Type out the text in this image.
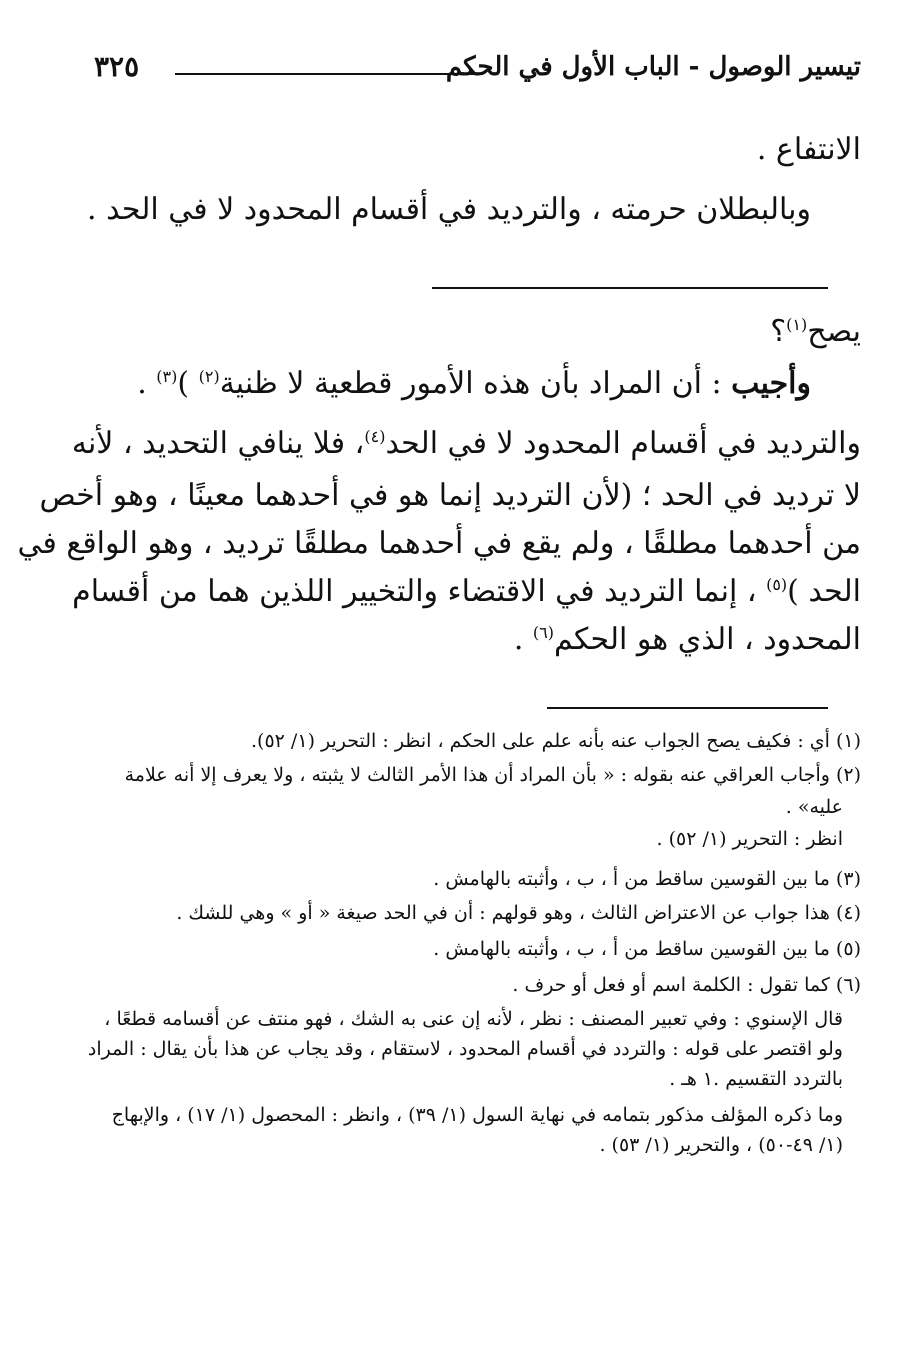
تيسير الوصول - الباب الأول في الحكم
٣٢٥
الانتفاع .
وبالبطلان حرمته ، والترديد في أقسام المحدود لا في الحد .
يصح$^{(١)}$؟
وأجيب : أن المراد بأن هذه الأمور قطعية لا ظنية$^{(٢)}$ )$^{(٣)}$ .
والترديد في أقسام المحدود لا في الحد$^{(٤)}$، فلا ينافي التحديد ، لأنه
لا ترديد في الحد ؛ (لأن الترديد إنما هو في أحدهما معينًا ، وهو أخص
من أحدهما مطلقًا ، ولم يقع في أحدهما مطلقًا ترديد ، وهو الواقع في
الحد )$^{(٥)}$ ، إنما الترديد في الاقتضاء والتخيير اللذين هما من أقسام
المحدود ، الذي هو الحكم$^{(٦)}$ .
(١) أي : فكيف يصح الجواب عنه بأنه علم على الحكم ، انظر : التحرير (١/ ٥٢).
(٢) وأجاب العراقي عنه بقوله : « بأن المراد أن هذا الأمر الثالث لا يثبته ، ولا يعرف إلا أنه علامة
عليه» .
انظر : التحرير (١/ ٥٢) .
(٣) ما بين القوسين ساقط من أ ، ب ، وأثبته بالهامش .
(٤) هذا جواب عن الاعتراض الثالث ، وهو قولهم : أن في الحد صيغة « أو » وهي للشك .
(٥) ما بين القوسين ساقط من أ ، ب ، وأثبته بالهامش .
(٦) كما تقول : الكلمة اسم أو فعل أو حرف .
قال الإسنوي : وفي تعبير المصنف : نظر ، لأنه إن عنى به الشك ، فهو منتف عن أقسامه قطعًا ،
ولو اقتصر على قوله : والتردد في أقسام المحدود ، لاستقام ، وقد يجاب عن هذا بأن يقال : المراد
بالتردد التقسيم .١ هـ .
وما ذكره المؤلف مذكور بتمامه في نهاية السول (١/ ٣٩) ، وانظر : المحصول (١/ ١٧) ، والإبهاج
(١/ ٤٩-٥٠) ، والتحرير (١/ ٥٣) .
